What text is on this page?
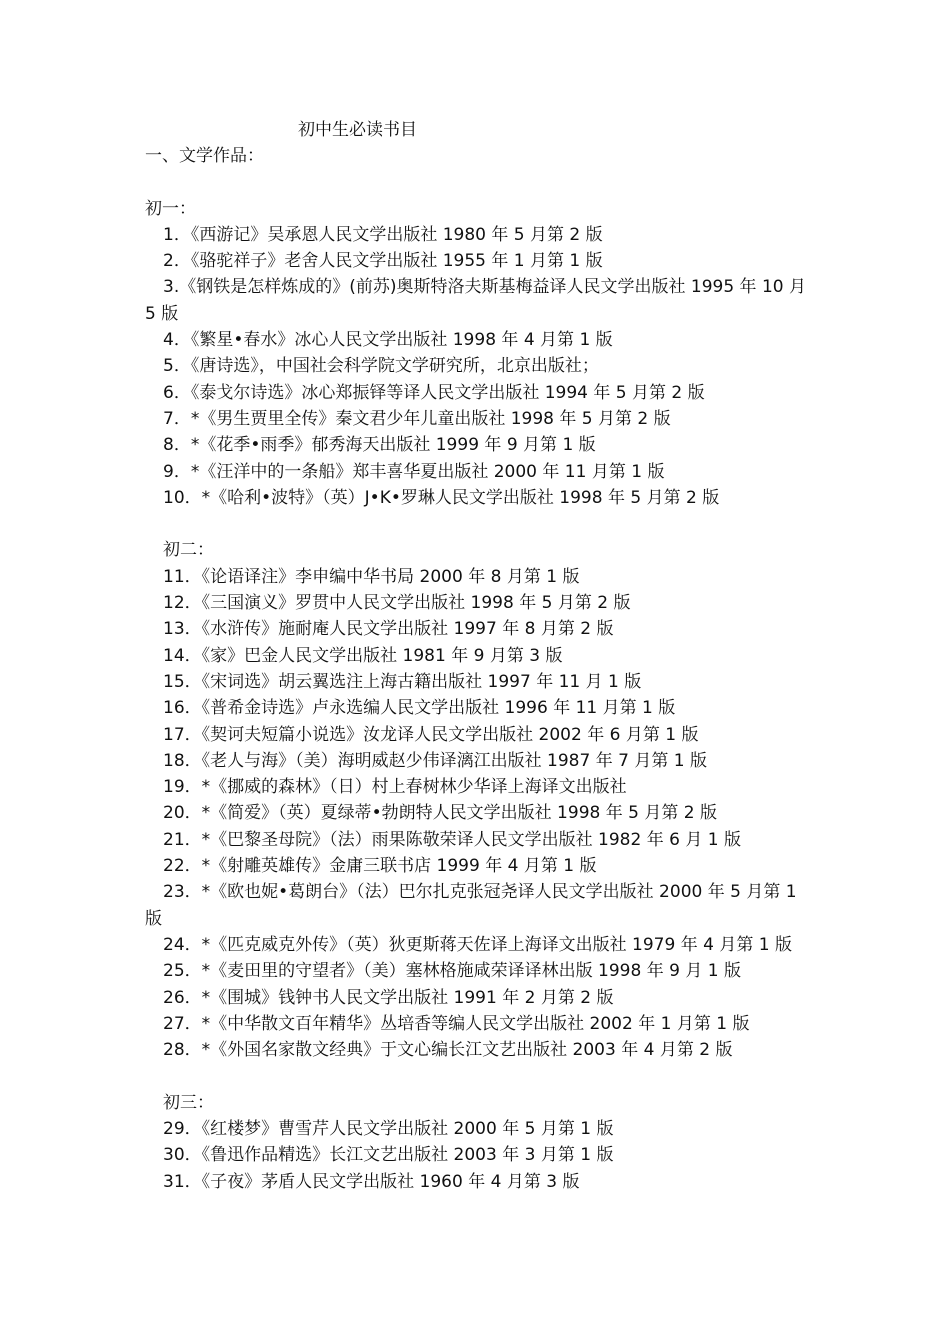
初中生必读书目
一、文学作品：
初一：
1．《西游记》吴承恩人民文学出版社 1980 年 5 月第 2 版
2．《骆驼祥子》老舍人民文学出版社 1955 年 1 月第 1 版
3.《钢铁是怎样炼成的》(前苏)奥斯特洛夫斯基梅益译人民文学出版社 1995 年 10 月 5 版
4．《繁星•春水》冰心人民文学出版社 1998 年 4 月第 1 版
5．《唐诗选》，中国社会科学院文学研究所，北京出版社；
6．《泰戈尔诗选》冰心郑振铎等译人民文学出版社 1994 年 5 月第 2 版
7．*《男生贾里全传》秦文君少年儿童出版社 1998 年 5 月第 2 版
8．*《花季•雨季》郁秀海天出版社 1999 年 9 月第 1 版
9．*《汪洋中的一条船》郑丰喜华夏出版社 2000 年 11 月第 1 版
10．*《哈利•波特》（英）J•K•罗琳人民文学出版社 1998 年 5 月第 2 版
初二：
11．《论语译注》李申编中华书局 2000 年 8 月第 1 版
12．《三国演义》罗贯中人民文学出版社 1998 年 5 月第 2 版
13．《水浒传》施耐庵人民文学出版社 1997 年 8 月第 2 版
14．《家》巴金人民文学出版社 1981 年 9 月第 3 版
15．《宋词选》胡云翼选注上海古籍出版社 1997 年 11 月 1 版
16．《普希金诗选》卢永选编人民文学出版社 1996 年 11 月第 1 版
17．《契诃夫短篇小说选》汝龙译人民文学出版社 2002 年 6 月第 1 版
18．《老人与海》（美）海明威赵少伟译漓江出版社 1987 年 7 月第 1 版
19．*《挪威的森林》（日）村上春树林少华译上海译文出版社
20．*《简爱》（英）夏绿蒂•勃朗特人民文学出版社 1998 年 5 月第 2 版
21．*《巴黎圣母院》（法）雨果陈敬荣译人民文学出版社 1982 年 6 月 1 版
22．*《射雕英雄传》金庸三联书店 1999 年 4 月第 1 版
23．*《欧也妮•葛朗台》（法）巴尔扎克张冠尧译人民文学出版社 2000 年 5 月第 1 版
24．*《匹克威克外传》（英）狄更斯蒋天佐译上海译文出版社 1979 年 4 月第 1 版
25．*《麦田里的守望者》（美）塞林格施咸荣译译林出版 1998 年 9 月 1 版
26．*《围城》钱钟书人民文学出版社 1991 年 2 月第 2 版
27．*《中华散文百年精华》丛培香等编人民文学出版社 2002 年 1 月第 1 版
28．*《外国名家散文经典》于文心编长江文艺出版社 2003 年 4 月第 2 版
初三：
29．《红楼梦》曹雪芹人民文学出版社 2000 年 5 月第 1 版
30．《鲁迅作品精选》长江文艺出版社 2003 年 3 月第 1 版
31．《子夜》茅盾人民文学出版社 1960 年 4 月第 3 版
